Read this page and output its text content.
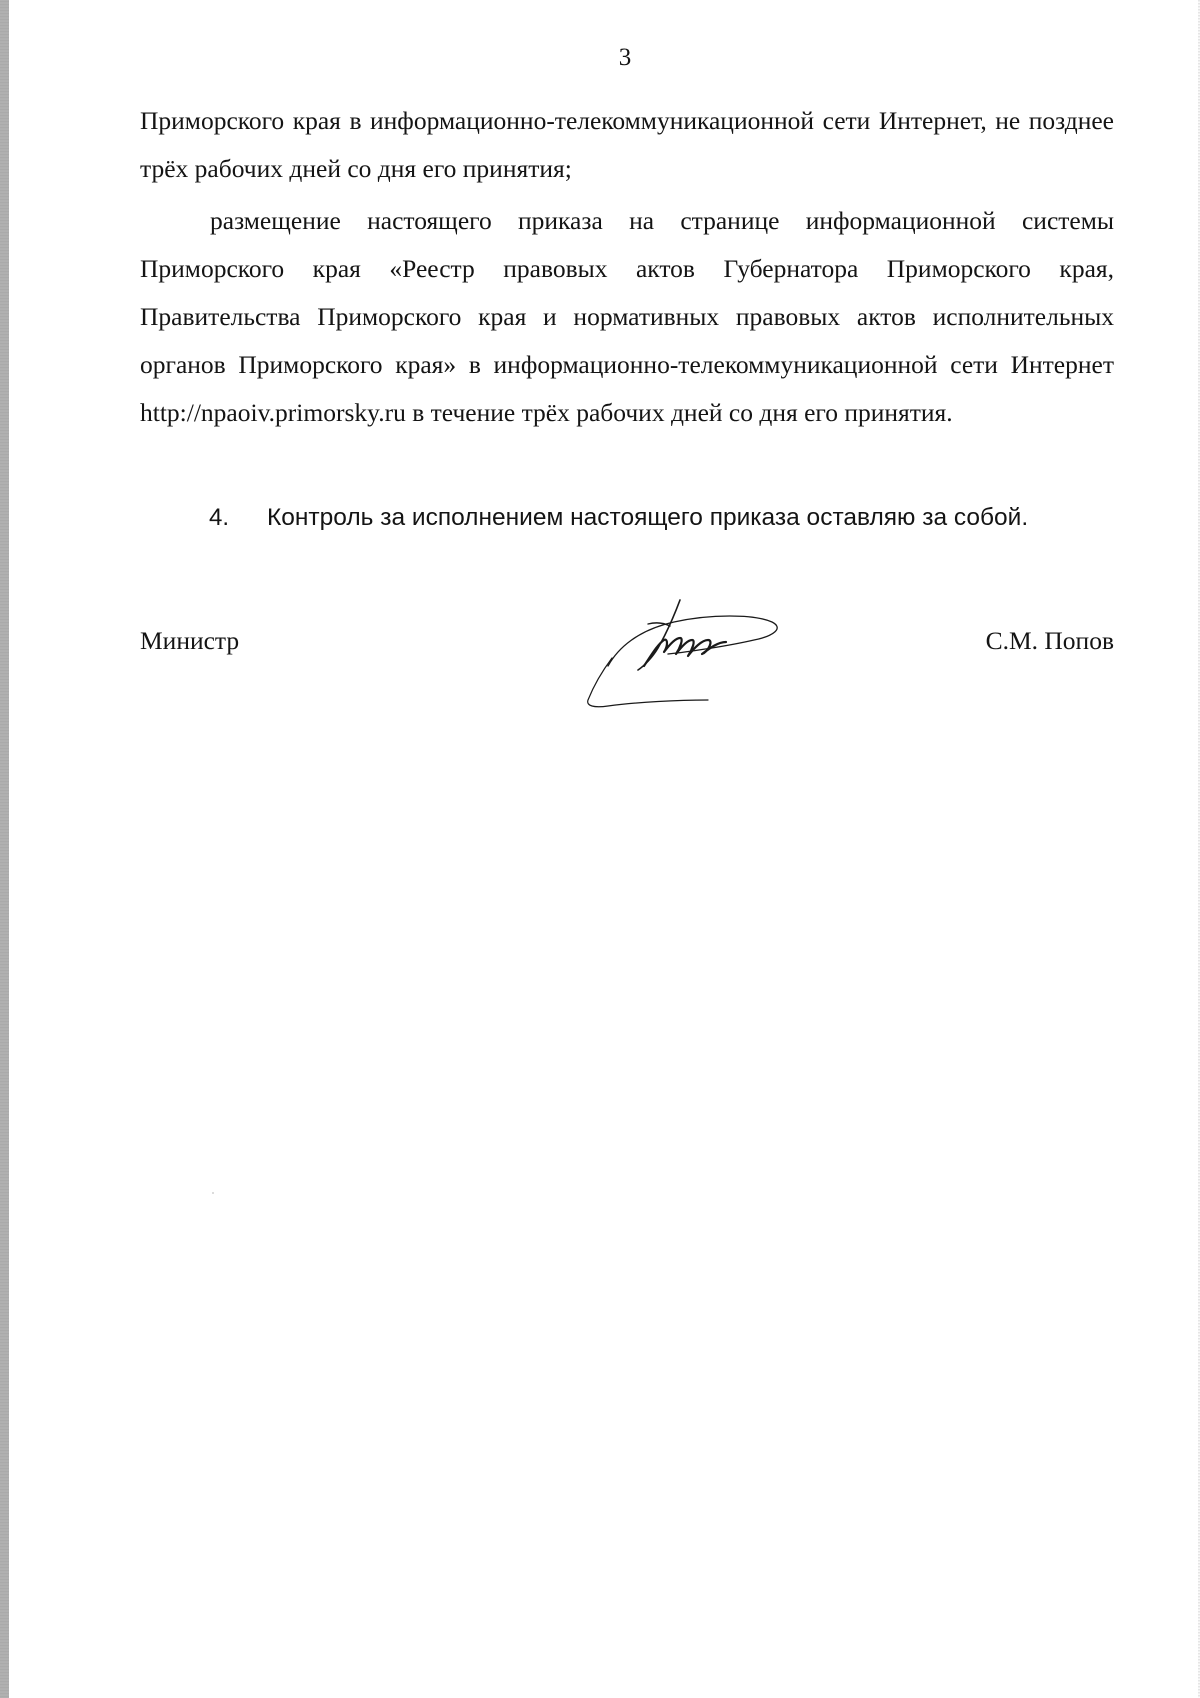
3

Приморского края в информационно-телекоммуникационной сети Интернет, не позднее трёх рабочих дней со дня его принятия;

размещение настоящего приказа на странице информационной системы Приморского края «Реестр правовых актов Губернатора Приморского края, Правительства Приморского края и нормативных правовых актов исполнительных органов Приморского края» в информационно-телекоммуникационной сети Интернет http://npaoiv.primorsky.ru в течение трёх рабочих дней со дня его принятия.

4. Контроль за исполнением настоящего приказа оставляю за собой.
Министр	С.М. Попов
